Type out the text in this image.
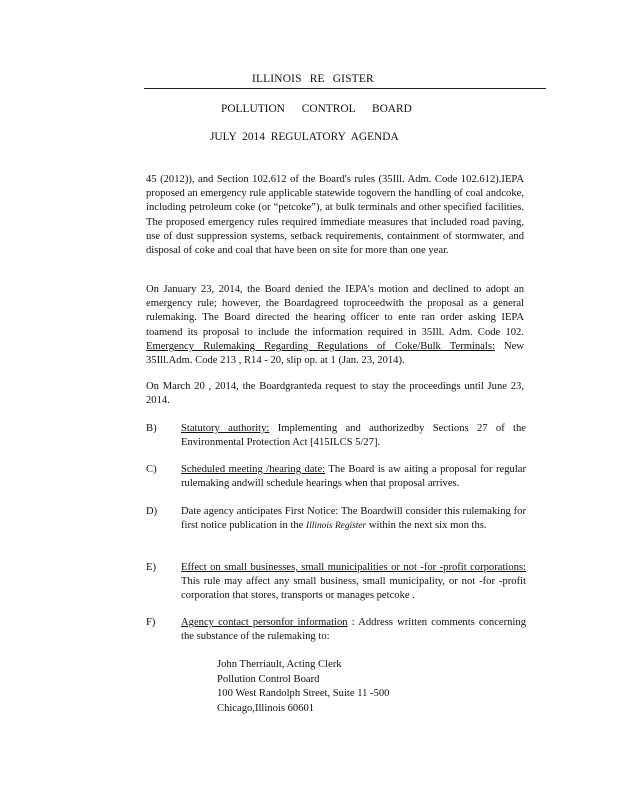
ILLINOIS RE GISTER
POLLUTION CONTROL BOARD
JULY 2014 REGULATORY AGENDA
45 (2012)), and Section 102.612 of the Board's rules (35Ill. Adm. Code 102.612).IEPA proposed an emergency rule applicable statewide togovern the handling of coal andcoke, including petroleum coke (or “petcoke”), at bulk terminals and other specified facilities. The proposed emergency rules required immediate measures that included road paving, use of dust suppression systems, setback requirements, containment of stormwater, and disposal of coke and coal that have been on site for more than one year.
On January 23, 2014, the Board denied the IEPA's motion and declined to adopt an emergency rule; however, the Boardagreed toproceedwith the proposal as a general rulemaking. The Board directed the hearing officer to ente ran order asking IEPA toamend its proposal to include the information required in 35Ill. Adm. Code 102. Emergency Rulemaking Regarding Regulations of Coke/Bulk Terminals: New 35Ill.Adm. Code 213 , R14 - 20, slip op. at 1 (Jan. 23, 2014).
On March 20 , 2014, the Boardgranteda request to stay the proceedings until June 23, 2014.
B)	Statutory authority: Implementing and authorizedby Sections 27 of the Environmental Protection Act [415ILCS 5/27].
C)	Scheduled meeting /hearing date: The Board is aw aiting a proposal for regular rulemaking andwill schedule hearings when that proposal arrives.
D)	Date agency anticipates First Notice: The Boardwill consider this rulemaking for first notice publication in the Illinois Register within the next six mon ths.
E)	Effect on small businesses, small municipalities or not -for -profit corporations: This rule may affect any small business, small municipality, or not -for -profit corporation that stores, transports or manages petcoke .
F)	Agency contact personfor information : Address written comments concerning the substance of the rulemaking to:
John Therriault, Acting Clerk
Pollution Control Board
100 West Randolph Street, Suite 11 -500
Chicago,Illinois 60601
